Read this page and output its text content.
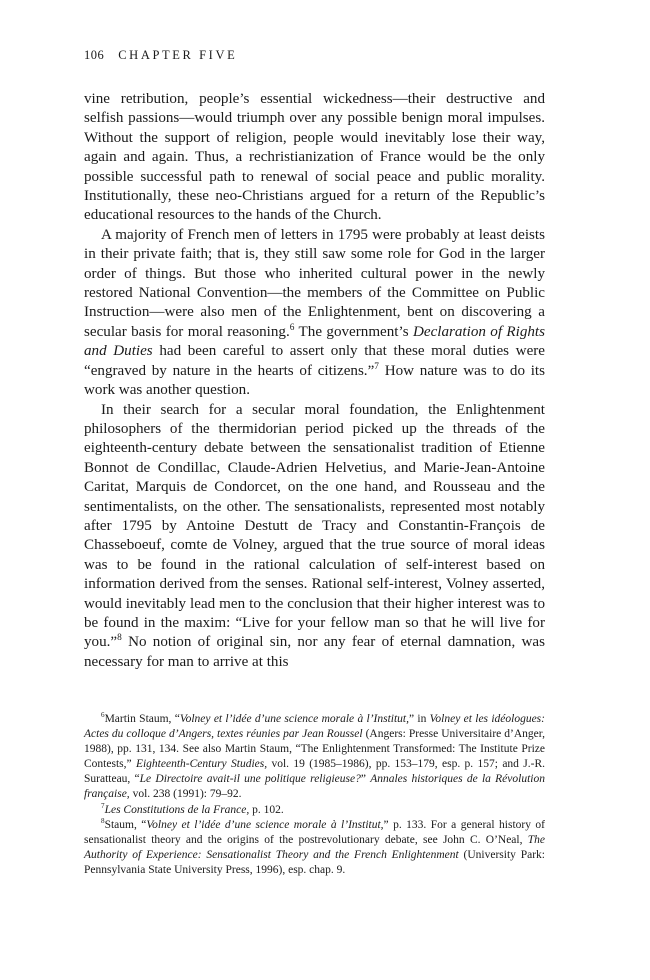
106 CHAPTER FIVE

vine retribution, people’s essential wickedness—their destructive and selfish passions—would triumph over any possible benign moral impulses. Without the support of religion, people would inevitably lose their way, again and again. Thus, a rechristianization of France would be the only possible successful path to renewal of social peace and public morality. Institutionally, these neo-Christians argued for a return of the Republic’s educational resources to the hands of the Church.

A majority of French men of letters in 1795 were probably at least deists in their private faith; that is, they still saw some role for God in the larger order of things. But those who inherited cultural power in the newly restored National Convention—the members of the Committee on Public Instruction—were also men of the Enlightenment, bent on discovering a secular basis for moral reasoning.$^6$ The government’s Declaration of Rights and Duties had been careful to assert only that these moral duties were “engraved by nature in the hearts of citizens.”$^7$ How nature was to do its work was another question.

In their search for a secular moral foundation, the Enlightenment philosophers of the thermidorian period picked up the threads of the eighteenth-century debate between the sensationalist tradition of Etienne Bonnot de Condillac, Claude-Adrien Helvetius, and Marie-Jean-Antoine Caritat, Marquis de Condorcet, on the one hand, and Rousseau and the sentimentalists, on the other. The sensationalists, represented most notably after 1795 by Antoine Destutt de Tracy and Constantin-François de Chasseboeuf, comte de Volney, argued that the true source of moral ideas was to be found in the rational calculation of self-interest based on information derived from the senses. Rational self-interest, Volney asserted, would inevitably lead men to the conclusion that their higher interest was to be found in the maxim: “Live for your fellow man so that he will live for you.”$^8$ No notion of original sin, nor any fear of eternal damnation, was necessary for man to arrive at this

$^6$Martin Staum, “Volney et l’idée d’une science morale à l’Institut,” in Volney et les idéologues: Actes du colloque d’Angers, textes réunies par Jean Roussel (Angers: Presse Universitaire d’Anger, 1988), pp. 131, 134. See also Martin Staum, “The Enlightenment Transformed: The Institute Prize Contests,” Eighteenth-Century Studies, vol. 19 (1985–1986), pp. 153–179, esp. p. 157; and J.-R. Suratteau, “Le Directoire avait-il une politique religieuse?” Annales historiques de la Révolution française, vol. 238 (1991): 79–92.

$^7$Les Constitutions de la France, p. 102.

$^8$Staum, “Volney et l’idée d’une science morale à l’Institut,” p. 133. For a general history of sensationalist theory and the origins of the postrevolutionary debate, see John C. O’Neal, The Authority of Experience: Sensationalist Theory and the French Enlightenment (University Park: Pennsylvania State University Press, 1996), esp. chap. 9.
